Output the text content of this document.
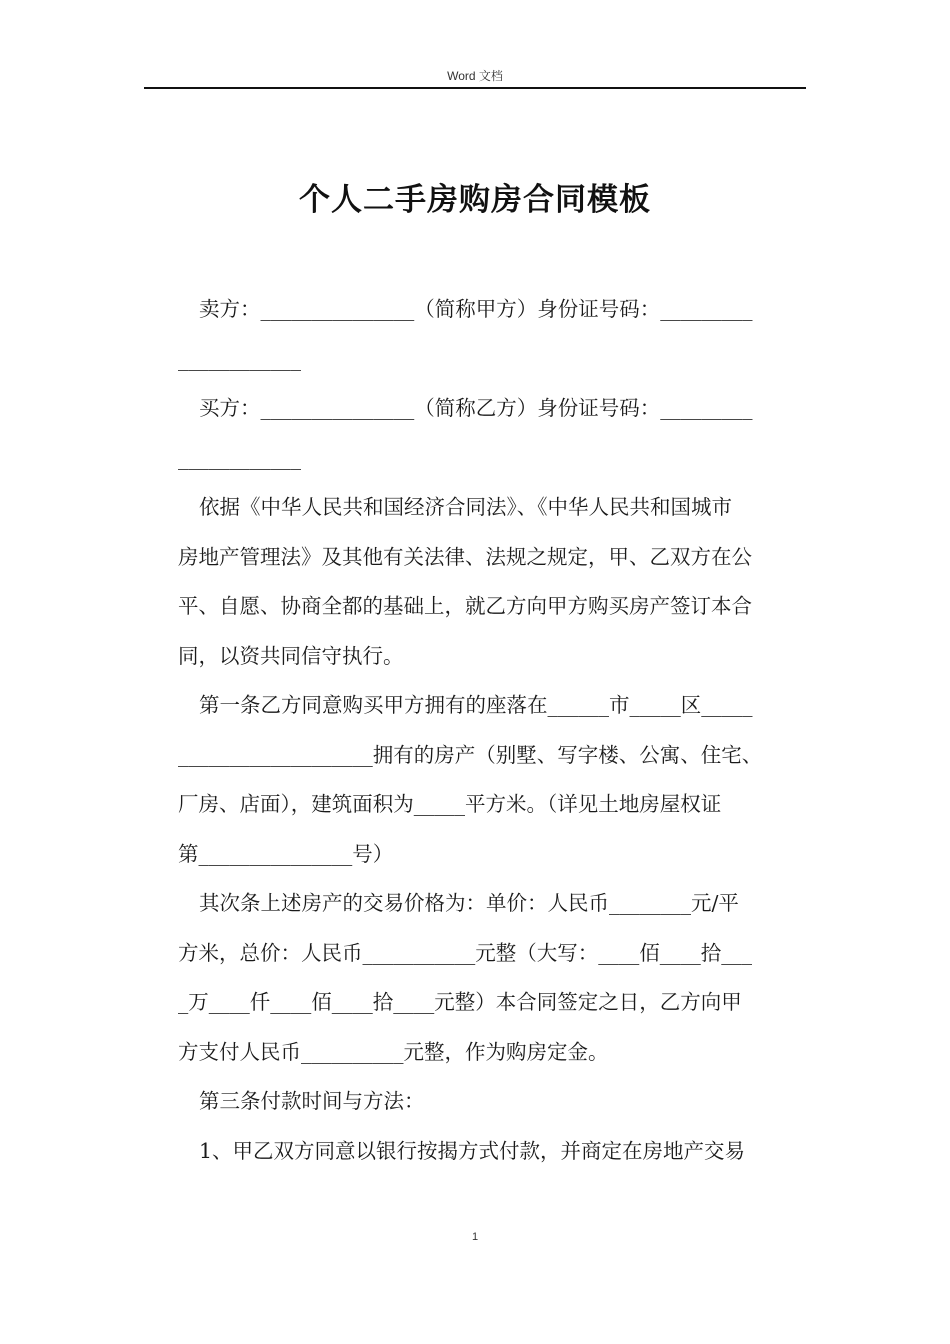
Word 文档
个人二手房购房合同模板

卖方：_______________（简称甲方）身份证号码：_________
____________

买方：_______________（简称乙方）身份证号码：_________
____________

依据《中华人民共和国经济合同法》、《中华人民共和国城市
房地产管理法》及其他有关法律、法规之规定，甲、乙双方在公
平、自愿、协商全都的基础上，就乙方向甲方购买房产签订本合
同，以资共同信守执行。

第一条乙方同意购买甲方拥有的座落在______市_____区_____
___________________拥有的房产（别墅、写字楼、公寓、住宅、
厂房、店面），建筑面积为_____平方米。（详见土地房屋权证
第_______________号）

其次条上述房产的交易价格为：单价：人民币________元/平
方米，总价：人民币___________元整（大写：____佰____拾___
_万____仟____佰____拾____元整）本合同签定之日，乙方向甲
方支付人民币__________元整，作为购房定金。

第三条付款时间与方法：

1、甲乙双方同意以银行按揭方式付款，并商定在房地产交易

1
